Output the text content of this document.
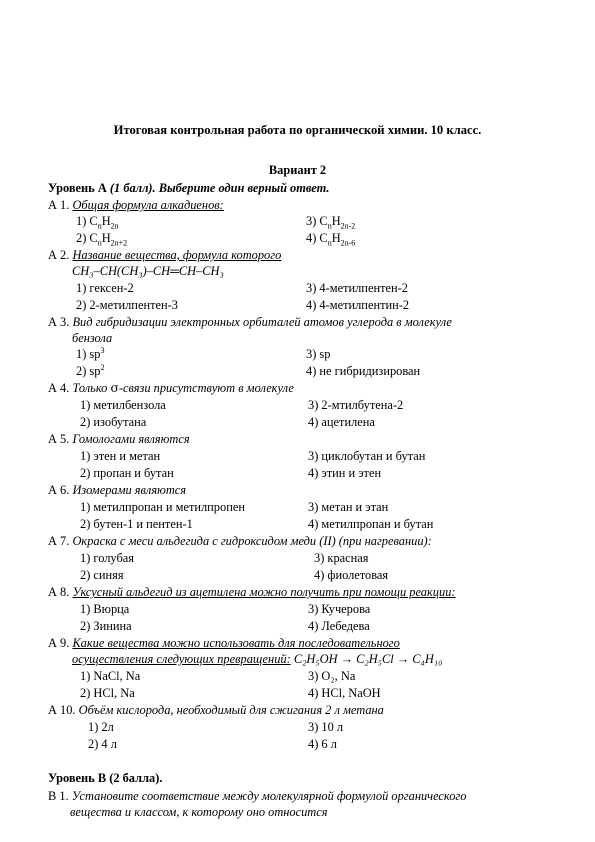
Итоговая контрольная работа по органической химии. 10 класс.
Вариант 2
Уровень А (1 балл). Выберите один верный ответ.
А 1. Общая формула алкадиенов:
1) $C_nH_{2n}$
2) $C_nH_{2n+2}$
3) $C_nH_{2n-2}$
4) $C_nH_{2n-6}$
А 2. Название вещества, формула которого
CH₃–CH(CH₃)–CH═CH–CH₃
1) гексен-2
2) 2-метилпентен-3
3) 4-метилпентен-2
4) 4-метилпентин-2
А 3. Вид гибридизации электронных орбиталей атомов углерода в молекуле
бензола
1) $sp^3$
2) $sp^2$
3) sp
4) не гибридизирован
А 4. Только σ-связи присутствуют в молекуле
1) метилбензола
2) изобутана
3) 2-мтилбутена-2
4) ацетилена
А 5. Гомологами являются
1) этен и метан
2) пропан и бутан
3) циклобутан и бутан
4) этин и этен
А 6. Изомерами являются
1) метилпропан и метилпропен
2) бутен-1 и пентен-1
3) метан и этан
4) метилпропан и бутан
А 7. Окраска с меси альдегида с гидроксидом меди (II) (при нагревании):
1) голубая
2) синяя
3) красная
4) фиолетовая
А 8. Уксусный альдегид из ацетилена можно получить при помощи реакции:
1) Вюрца
2) Зинина
3) Кучерова
4) Лебедева
А 9. Какие вещества можно использовать для последовательного
осуществления следующих превращений: C₂H₅OH → C₂H₅Cl → C₄H₁₀
1) NaCl, Na
2) HCl, Na
3) O₂, Na
4) HCl, NaOH
А 10. Объём кислорода, необходимый для сжигания 2 л метана
1) 2л
2) 4 л
3) 10 л
4) 6 л
Уровень В (2 балла).
В 1. Установите соответствие между молекулярной формулой органического
вещества и классом, к которому оно относится
